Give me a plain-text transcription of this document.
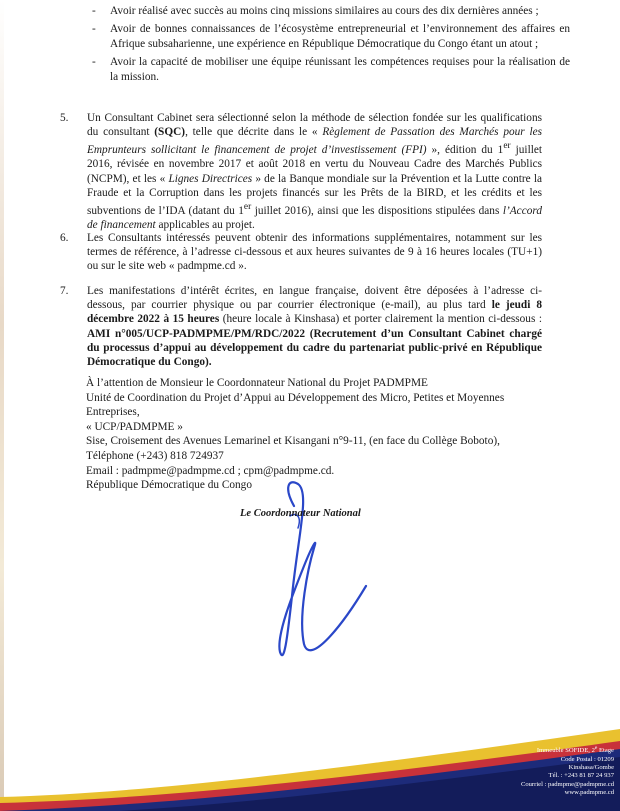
- Avoir réalisé avec succès au moins cinq missions similaires au cours des dix dernières années ;
- Avoir de bonnes connaissances de l’écosystème entrepreneurial et l’environnement des affaires en Afrique subsaharienne, une expérience en République Démocratique du Congo étant un atout ;
- Avoir la capacité de mobiliser une équipe réunissant les compétences requises pour la réalisation de la mission.
5. Un Consultant Cabinet sera sélectionné selon la méthode de sélection fondée sur les qualifications du consultant (SQC), telle que décrite dans le « Règlement de Passation des Marchés pour les Emprunteurs sollicitant le financement de projet d’investissement (FPI) », édition du 1er juillet 2016, révisée en novembre 2017 et août 2018 en vertu du Nouveau Cadre des Marchés Publics (NCPM), et les « Lignes Directrices » de la Banque mondiale sur la Prévention et la Lutte contre la Fraude et la Corruption dans les projets financés sur les Prêts de la BIRD, et les crédits et les subventions de l’IDA (datant du 1er juillet 2016), ainsi que les dispositions stipulées dans l’Accord de financement applicables au projet.
6. Les Consultants intéressés peuvent obtenir des informations supplémentaires, notamment sur les termes de référence, à l’adresse ci-dessous et aux heures suivantes de 9 à 16 heures locales (TU+1) ou sur le site web « padmpme.cd ».
7. Les manifestations d’intérêt écrites, en langue française, doivent être déposées à l’adresse ci-dessous, par courrier physique ou par courrier électronique (e-mail), au plus tard le jeudi 8 décembre 2022 à 15 heures (heure locale à Kinshasa) et porter clairement la mention ci-dessous : AMI n°005/UCP-PADMPME/PM/RDC/2022 (Recrutement d’un Consultant Cabinet chargé du processus d’appui au développement du cadre du partenariat public-privé en République Démocratique du Congo).
À l’attention de Monsieur le Coordonnateur National du Projet PADMPME
Unité de Coordination du Projet d’Appui au Développement des Micro, Petites et Moyennes Entreprises,
« UCP/PADMPME »
Sise, Croisement des Avenues Lemarinel et Kisangani n°9-11, (en face du Collège Boboto),
Téléphone (+243) 818 724937
Email : padmpme@padmpme.cd ; cpm@padmpme.cd.
République Démocratique du Congo
Le Coordonnateur National
Immeuble SOFIDE, 2e Etage
Code Postal : 01209
Kinshasa/Gombe
Tél. : +243 81 87 24 937
Courriel : padmpme@padmpme.cd
www.padmpme.cd
